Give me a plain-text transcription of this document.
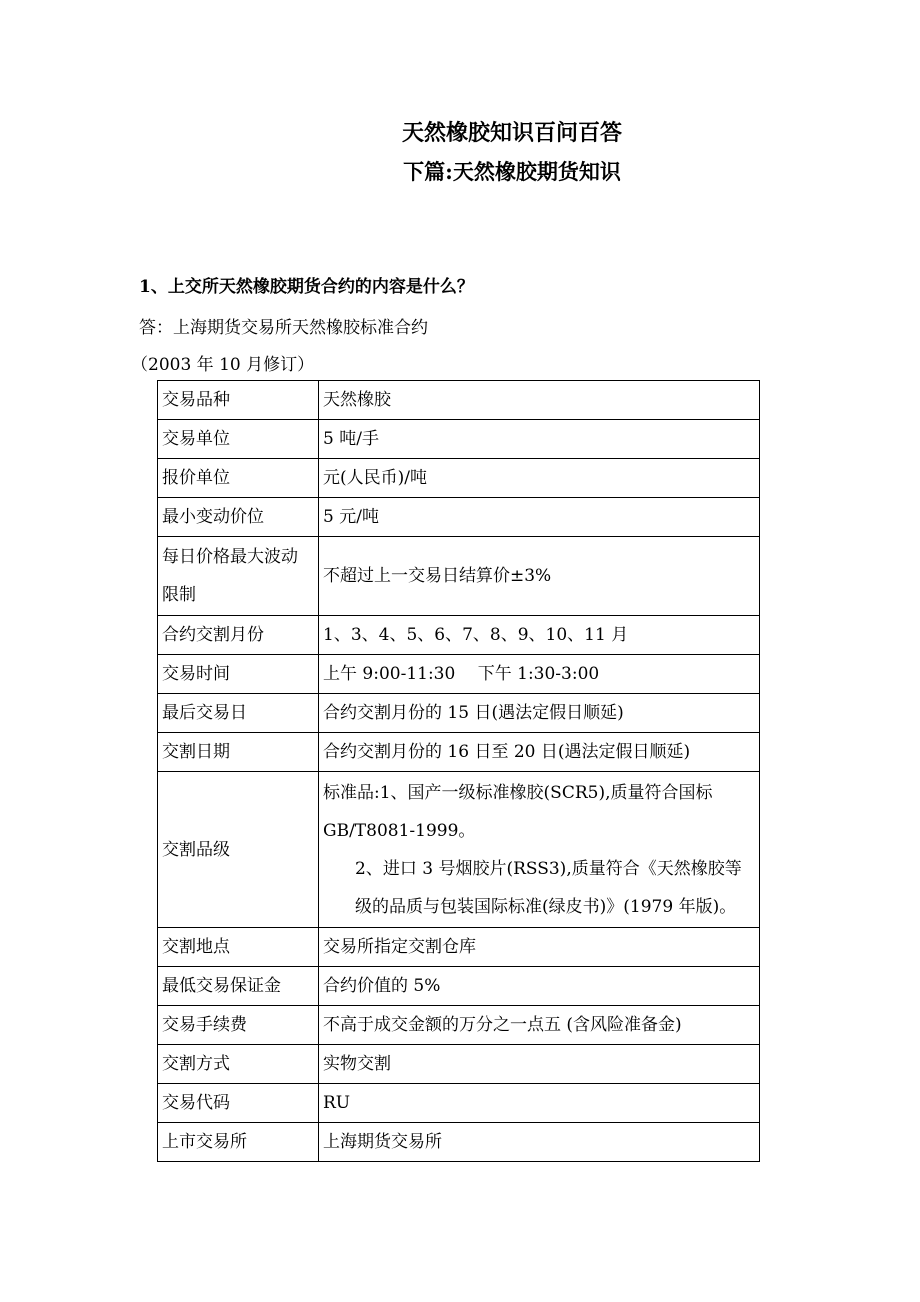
天然橡胶知识百问百答
下篇:天然橡胶期货知识
1、上交所天然橡胶期货合约的内容是什么？
答：上海期货交易所天然橡胶标准合约
（2003 年 10 月修订）
交易品种	天然橡胶
交易单位	5 吨/手
报价单位	元(人民币)/吨
最小变动价位	5 元/吨
每日价格最大波动限制	不超过上一交易日结算价±3%
合约交割月份	1、3、4、5、6、7、8、9、10、11 月
交易时间	上午 9:00-11:30　 下午 1:30-3:00
最后交易日	合约交割月份的 15 日(遇法定假日顺延)
交割日期	合约交割月份的 16 日至 20 日(遇法定假日顺延)
交割品级	标准品:1、国产一级标准橡胶(SCR5),质量符合国标GB/T8081-1999。
2、进口 3 号烟胶片(RSS3),质量符合《天然橡胶等级的品质与包装国际标准(绿皮书)》(1979 年版)。

交割地点	交易所指定交割仓库
最低交易保证金	合约价值的 5%
交易手续费	不高于成交金额的万分之一点五 (含风险准备金)
交割方式	实物交割
交易代码	RU
上市交易所	上海期货交易所
